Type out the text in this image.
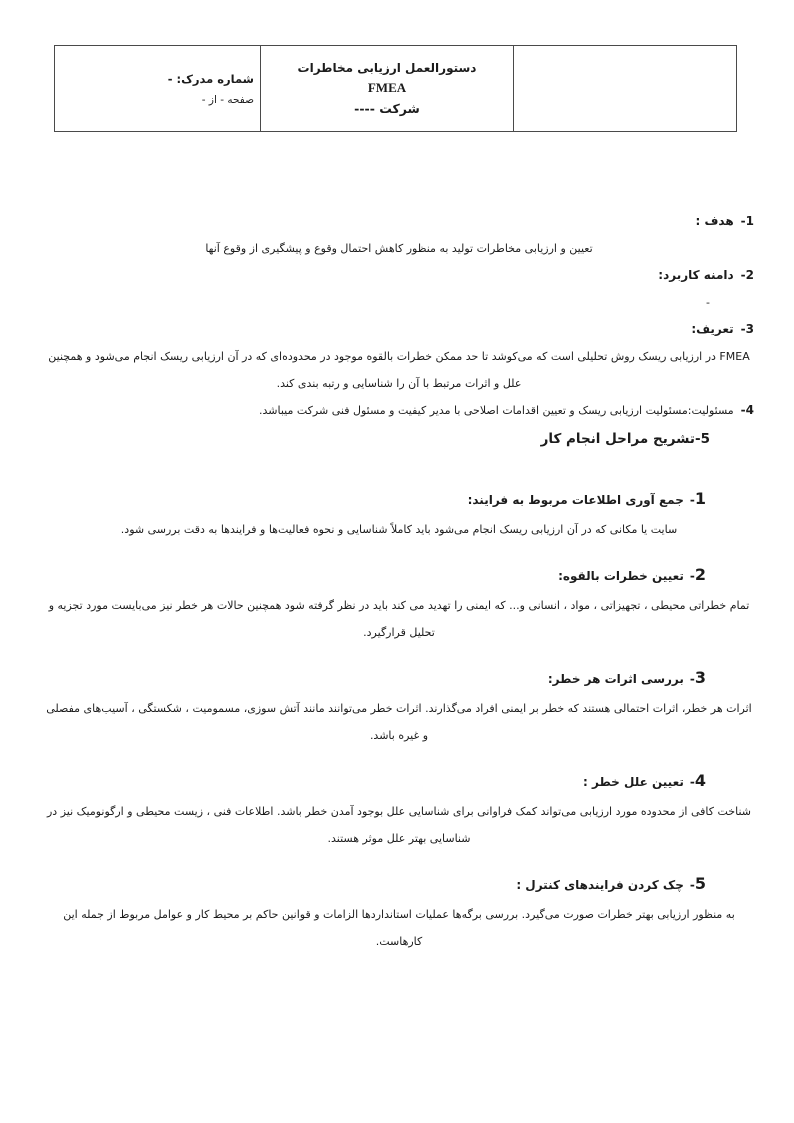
دستورالعمل ارزیابی مخاطرات
FMEA
شرکت ----

شماره مدرک: -
صفحه - از -
1-هدف :
تعیین و ارزیابی مخاطرات تولید به منظور کاهش احتمال وقوع و پیشگیری از وقوع آنها
2-دامنه کاربرد:
-
3-تعریف:
FMEA در ارزیابی ریسک روش تحلیلی است که می‌کوشد تا حد ممکن خطرات بالقوه موجود در محدوده‌ای که در آن ارزیابی ریسک انجام می‌شود و همچنین علل و اثرات مرتبط با آن را شناسایی و رتبه بندی کند.
4-مسئولیت:مسئولیت ارزیابی ریسک و تعیین اقدامات اصلاحی با مدیر کیفیت و مسئول فنی شرکت میباشد.
5-تشریح مراحل انجام کار
1-جمع آوری اطلاعات مربوط به فرایند:
سایت یا مکانی که در آن ارزیابی ریسک انجام می‌شود باید کاملاً شناسایی و نحوه فعالیت‌ها و فرایندها به دقت بررسی شود.
2-تعیین خطرات بالقوه:
تمام خطراتی محیطی ، تجهیزاتی ، مواد ، انسانی و... که ایمنی را تهدید می کند باید در نظر گرفته شود همچنین حالات هر خطر نیز می‌بایست مورد تجزیه و تحلیل قرارگیرد.
3-بررسی اثرات هر خطر:
اثرات هر خطر، اثرات احتمالی هستند که خطر بر ایمنی افراد می‌گذارند. اثرات خطر می‌توانند مانند آتش سوزی، مسمومیت ، شکستگی ، آسیب‌های مفصلی و غیره باشد.
4-تعیین علل خطر :
شناخت کافی از محدوده مورد ارزیابی می‌تواند کمک فراوانی برای شناسایی علل بوجود آمدن خطر باشد. اطلاعات فنی ، زیست محیطی و ارگونومیک نیز در شناسایی بهتر علل موثر هستند.
5-چک کردن فرایندهای کنترل :
به منظور ارزیابی بهتر خطرات صورت می‌گیرد. بررسی برگه‌ها عملیات استانداردها الزامات و قوانین حاکم بر محیط کار و عوامل مربوط از جمله این کارهاست.
